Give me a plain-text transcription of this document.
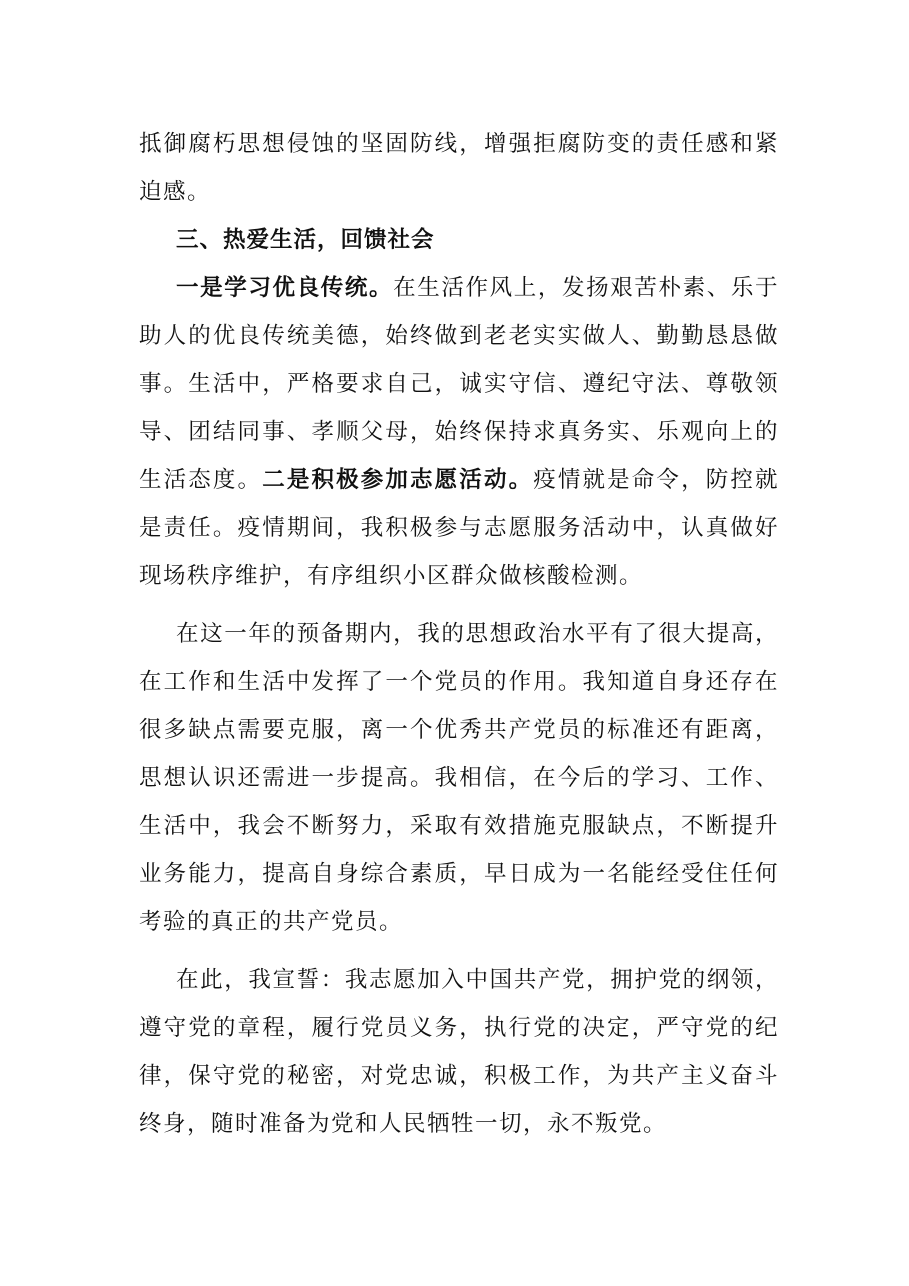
抵御腐朽思想侵蚀的坚固防线，增强拒腐防变的责任感和紧迫感。

三、热爱生活，回馈社会

一是学习优良传统。在生活作风上，发扬艰苦朴素、乐于助人的优良传统美德，始终做到老老实实做人、勤勤恳恳做事。生活中，严格要求自己，诚实守信、遵纪守法、尊敬领导、团结同事、孝顺父母，始终保持求真务实、乐观向上的生活态度。二是积极参加志愿活动。疫情就是命令，防控就是责任。疫情期间，我积极参与志愿服务活动中，认真做好现场秩序维护，有序组织小区群众做核酸检测。

在这一年的预备期内，我的思想政治水平有了很大提高，在工作和生活中发挥了一个党员的作用。我知道自身还存在很多缺点需要克服，离一个优秀共产党员的标准还有距离，思想认识还需进一步提高。我相信，在今后的学习、工作、生活中，我会不断努力，采取有效措施克服缺点，不断提升业务能力，提高自身综合素质，早日成为一名能经受住任何考验的真正的共产党员。

在此，我宣誓：我志愿加入中国共产党，拥护党的纲领，遵守党的章程，履行党员义务，执行党的决定，严守党的纪律，保守党的秘密，对党忠诚，积极工作，为共产主义奋斗终身，随时准备为党和人民牺牲一切，永不叛党。
